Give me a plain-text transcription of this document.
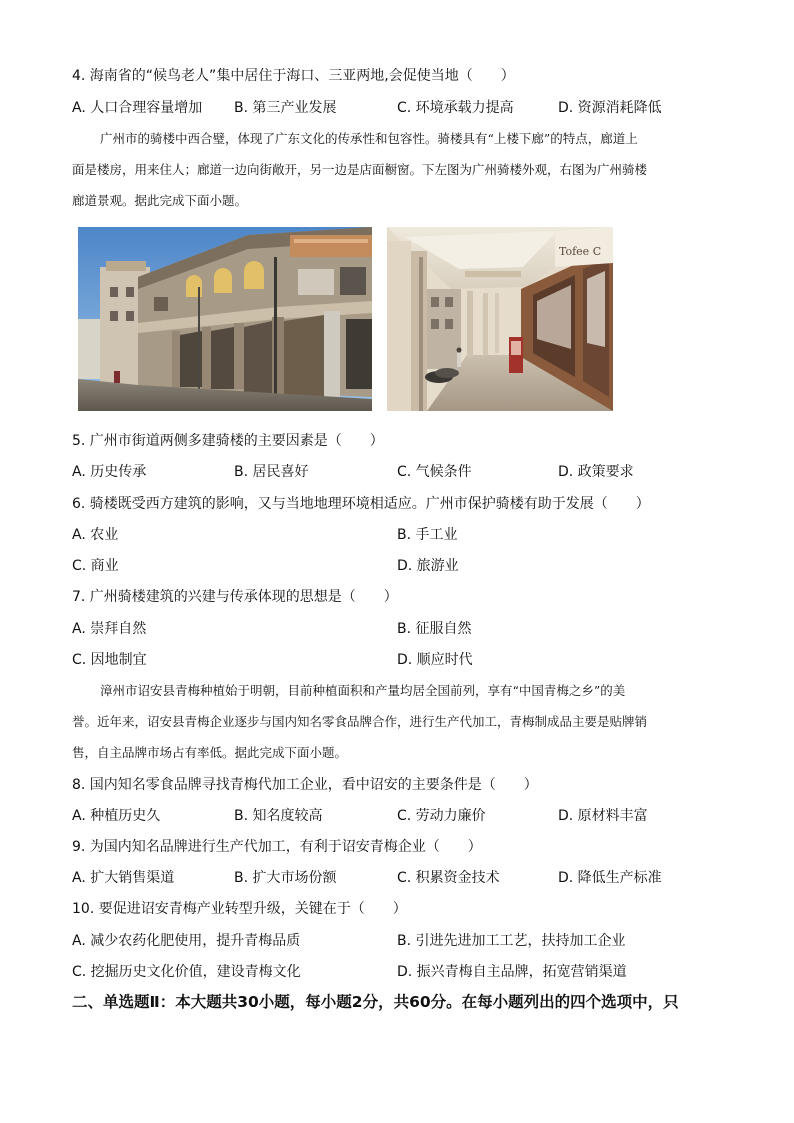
4. 海南省的“候鸟老人”集中居住于海口、三亚两地,会促使当地（　　）
A. 人口合理容量增加 B. 第三产业发展	C. 环境承载力提高	D. 资源消耗降低
广州市的骑楼中西合璧，体现了广东文化的传承性和包容性。骑楼具有“上楼下廊”的特点，廊道上
面是楼房，用来住人；廊道一边向街敞开，另一边是店面橱窗。下左图为广州骑楼外观，右图为广州骑楼
廊道景观。据此完成下面小题。
Tofee C
5. 广州市街道两侧多建骑楼的主要因素是（　　）
A. 历史传承	B. 居民喜好	C. 气候条件	D. 政策要求
6. 骑楼既受西方建筑的影响，又与当地地理环境相适应。广州市保护骑楼有助于发展（　　）
A. 农业	B. 手工业
C. 商业	D. 旅游业
7. 广州骑楼建筑的兴建与传承体现的思想是（　　）
A. 崇拜自然	B. 征服自然
C. 因地制宜	D. 顺应时代
漳州市诏安县青梅种植始于明朝，目前种植面积和产量均居全国前列，享有“中国青梅之乡”的美
誉。近年来，诏安县青梅企业逐步与国内知名零食品牌合作，进行生产代加工，青梅制成品主要是贴牌销
售，自主品牌市场占有率低。据此完成下面小题。
8. 国内知名零食品牌寻找青梅代加工企业，看中诏安的主要条件是（　　）
A. 种植历史久	B. 知名度较高	C. 劳动力廉价	D. 原材料丰富
9. 为国内知名品牌进行生产代加工，有利于诏安青梅企业（　　）
A. 扩大销售渠道	B. 扩大市场份额	C. 积累资金技术	D. 降低生产标准
10. 要促进诏安青梅产业转型升级，关键在于（　　）
A. 减少农药化肥使用，提升青梅品质	B. 引进先进加工工艺，扶持加工企业
C. 挖掘历史文化价值，建设青梅文化	D. 振兴青梅自主品牌，拓宽营销渠道
二、单选题Ⅱ：本大题共30小题，每小题2分，共60分。在每小题列出的四个选项中，只
